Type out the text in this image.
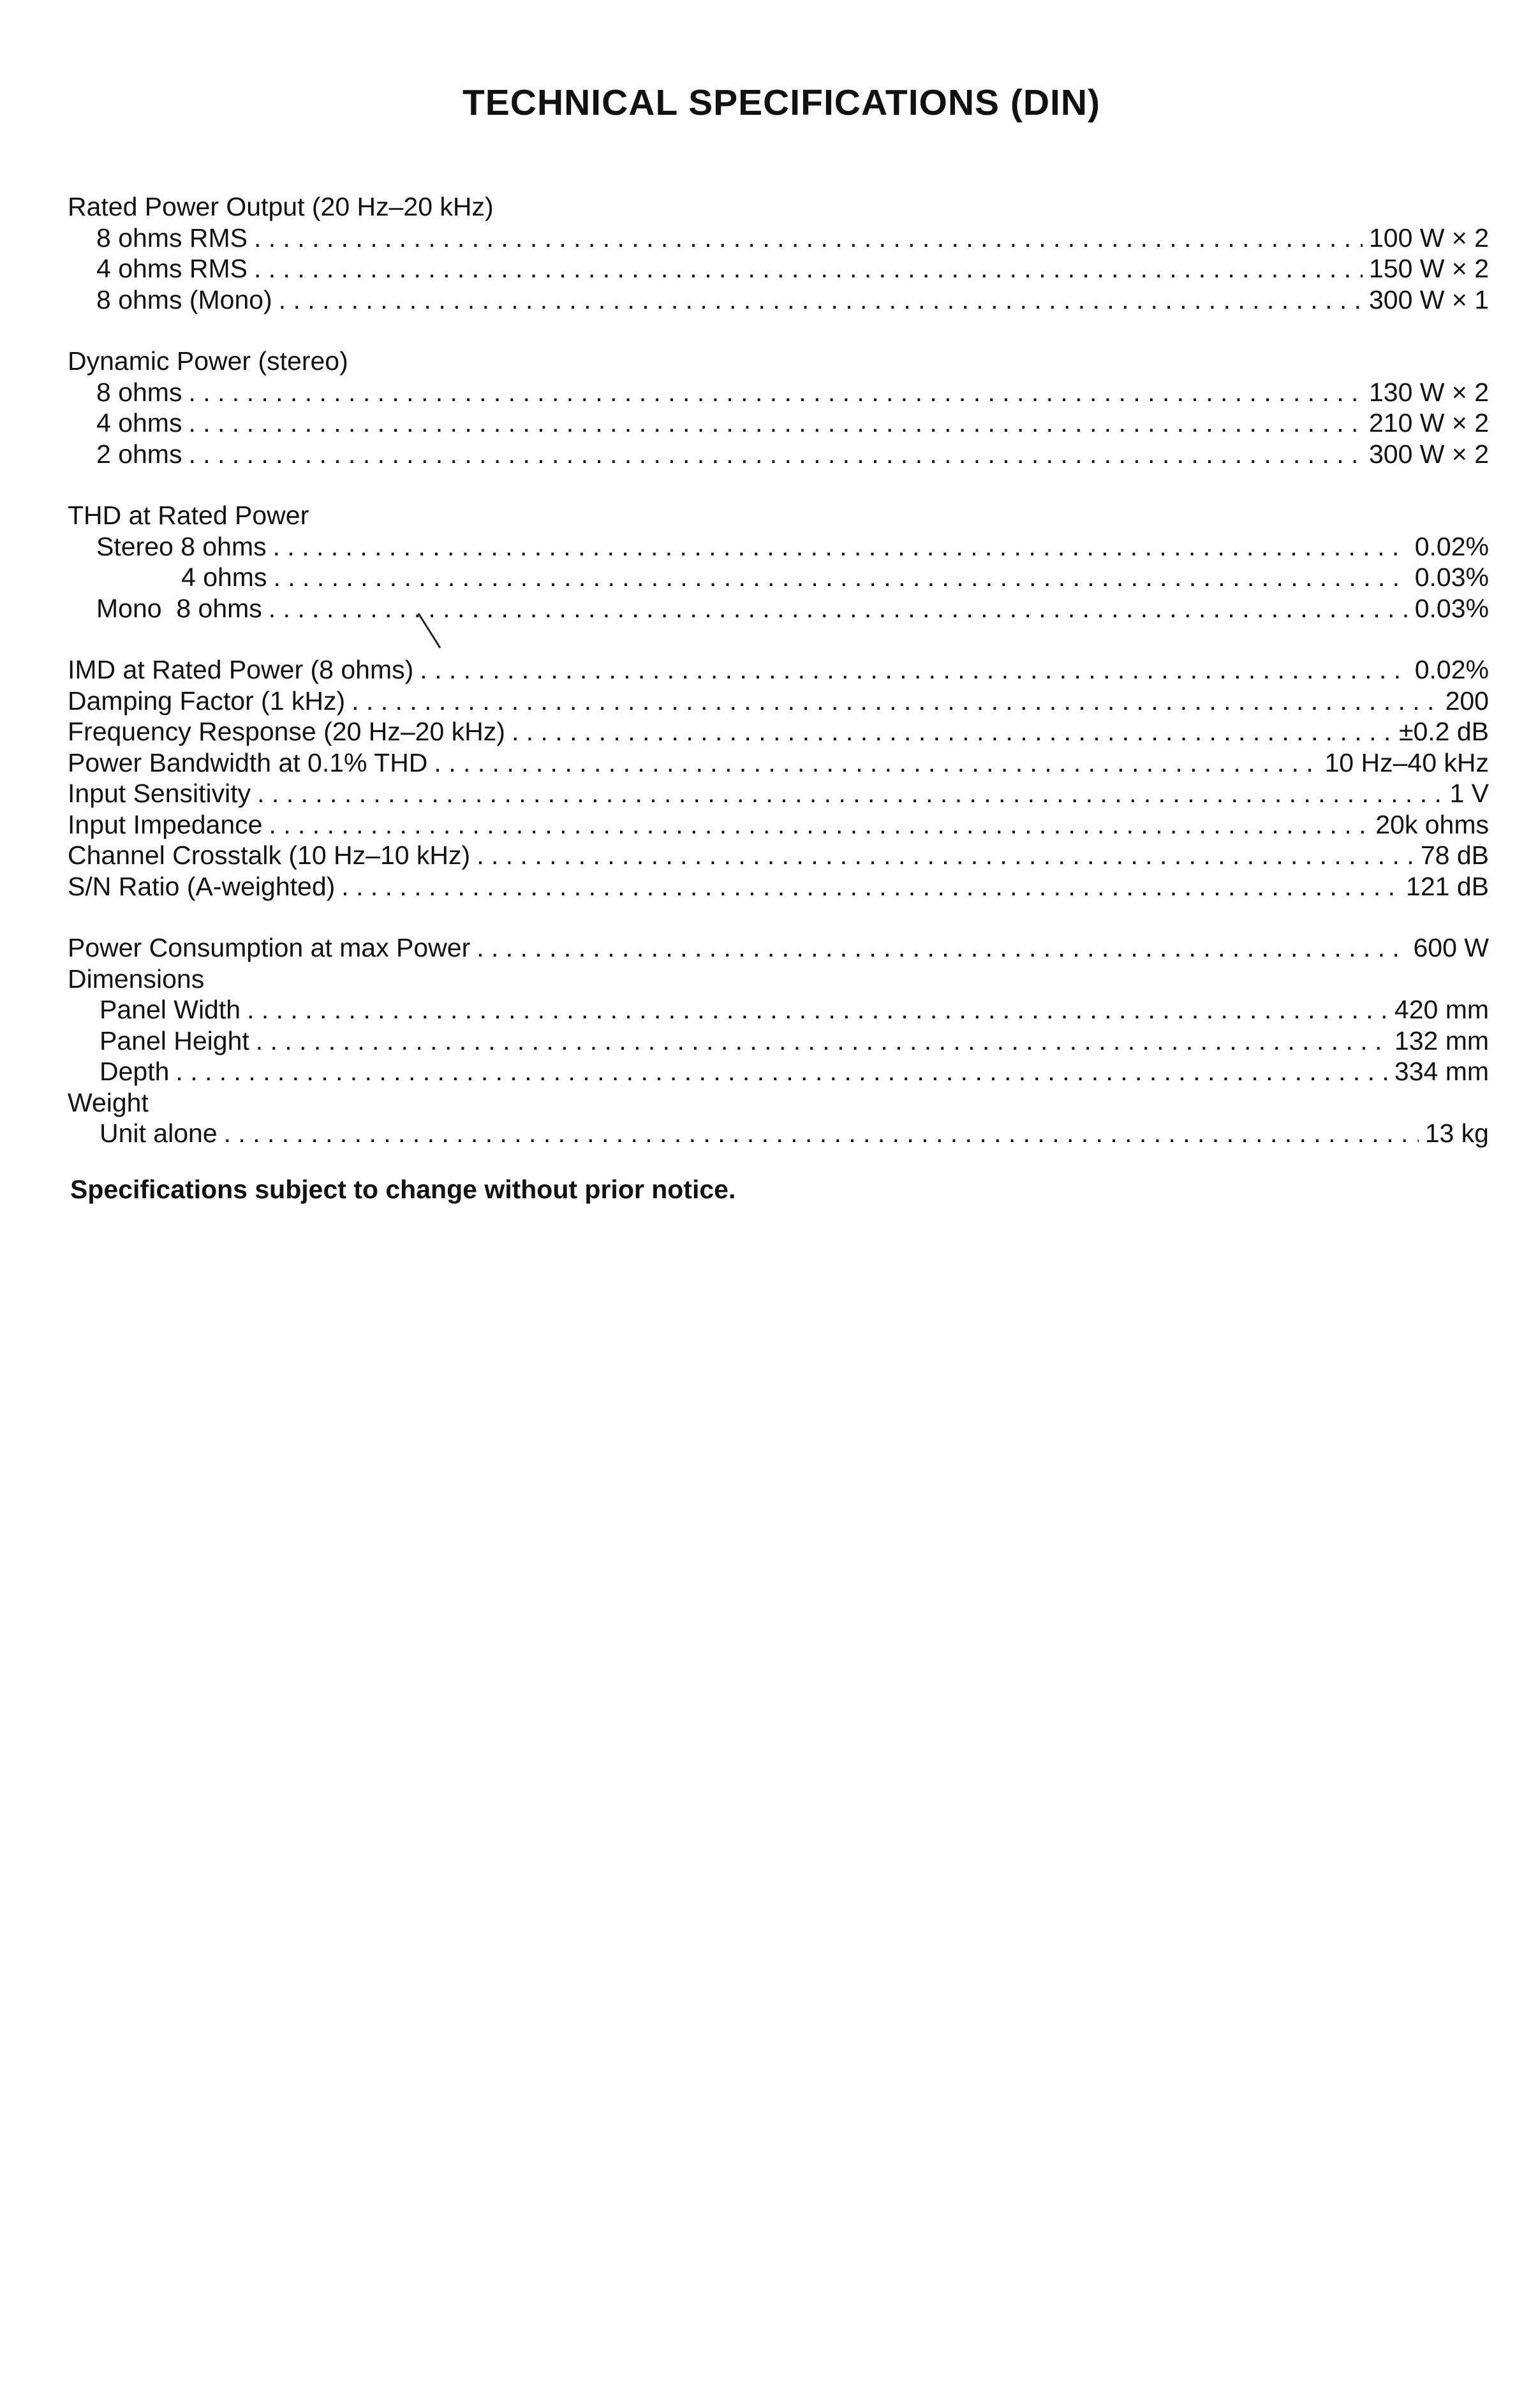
TECHNICAL SPECIFICATIONS (DIN)
Rated Power Output (20 Hz–20 kHz)
8 ohms RMS . . .	100 W × 2
4 ohms RMS . . .	150 W × 2
8 ohms (Mono) . . .	300 W × 1
Dynamic Power (stereo)
8 ohms . . .	130 W × 2
4 ohms . . .	210 W × 2
2 ohms . . .	300 W × 2
THD at Rated Power
Stereo 8 ohms . . .	0.02%
4 ohms . . .	0.03%
Mono  8 ohms . . .	0.03%
IMD at Rated Power (8 ohms) . . .	0.02%
Damping Factor (1 kHz) . . .	200
Frequency Response (20 Hz–20 kHz) . . .	±0.2 dB
Power Bandwidth at 0.1% THD . . .	10 Hz–40 kHz
Input Sensitivity . . .	1 V
Input Impedance . . .	20k ohms
Channel Crosstalk (10 Hz–10 kHz) . . .	78 dB
S/N Ratio (A-weighted) . . .	121 dB
Power Consumption at max Power . . .	600 W
Dimensions
Panel Width . . .	420 mm
Panel Height . . .	132 mm
Depth . . .	334 mm
Weight
Unit alone . . .	13 kg
Specifications subject to change without prior notice.
